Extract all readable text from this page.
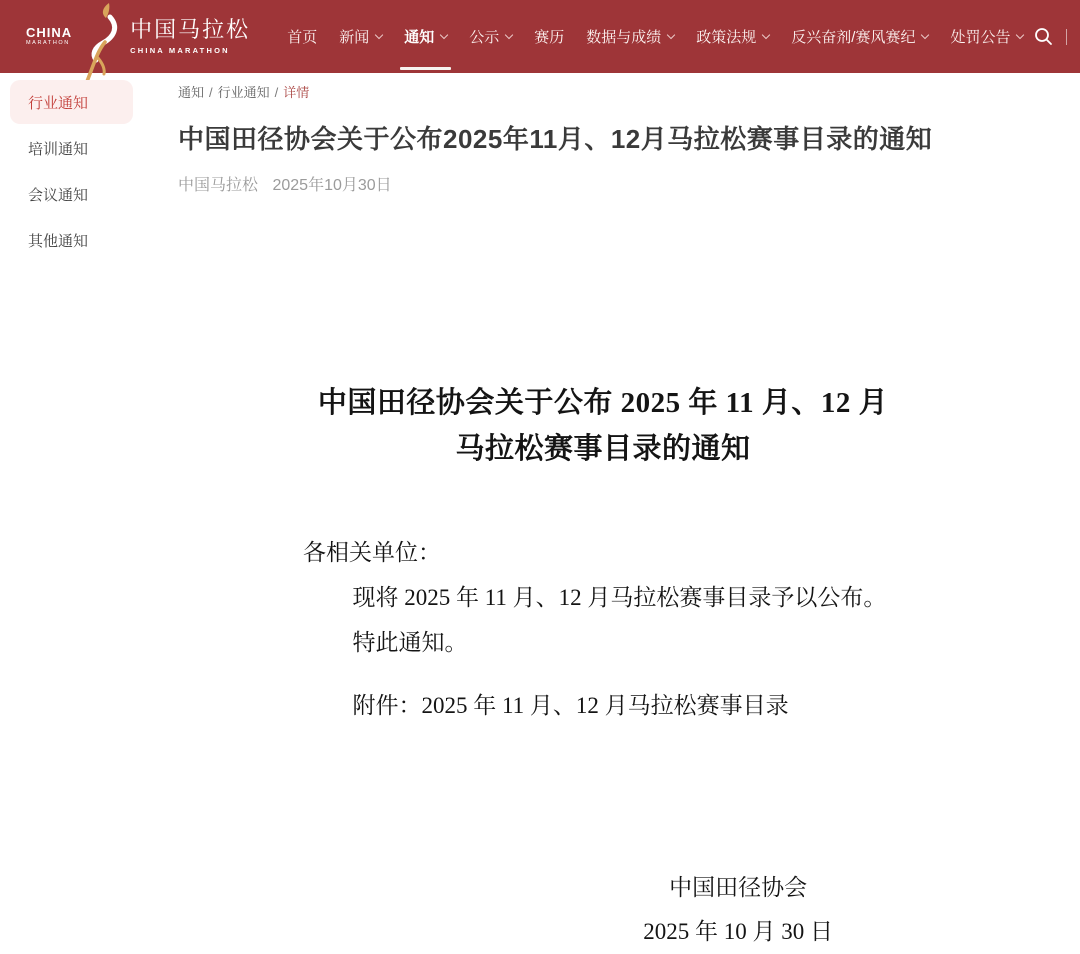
CHINA
MARATHON
中国马拉松
CHINA MARATHON
首页 新闻 通知 公示 赛历 数据与成绩 政策法规 反兴奋剂/赛风赛纪 处罚公告
行业通知
培训通知
会议通知
其他通知
通知 / 行业通知 / 详情
中国田径协会关于公布2025年11月、12月马拉松赛事目录的通知
中国马拉松 2025年10月30日
中国田径协会关于公布 2025 年 11 月、12 月
马拉松赛事目录的通知

各相关单位：

现将 2025 年 11 月、12 月马拉松赛事目录予以公布。

特此通知。

附件：2025 年 11 月、12 月马拉松赛事目录

中国田径协会
2025 年 10 月 30 日
